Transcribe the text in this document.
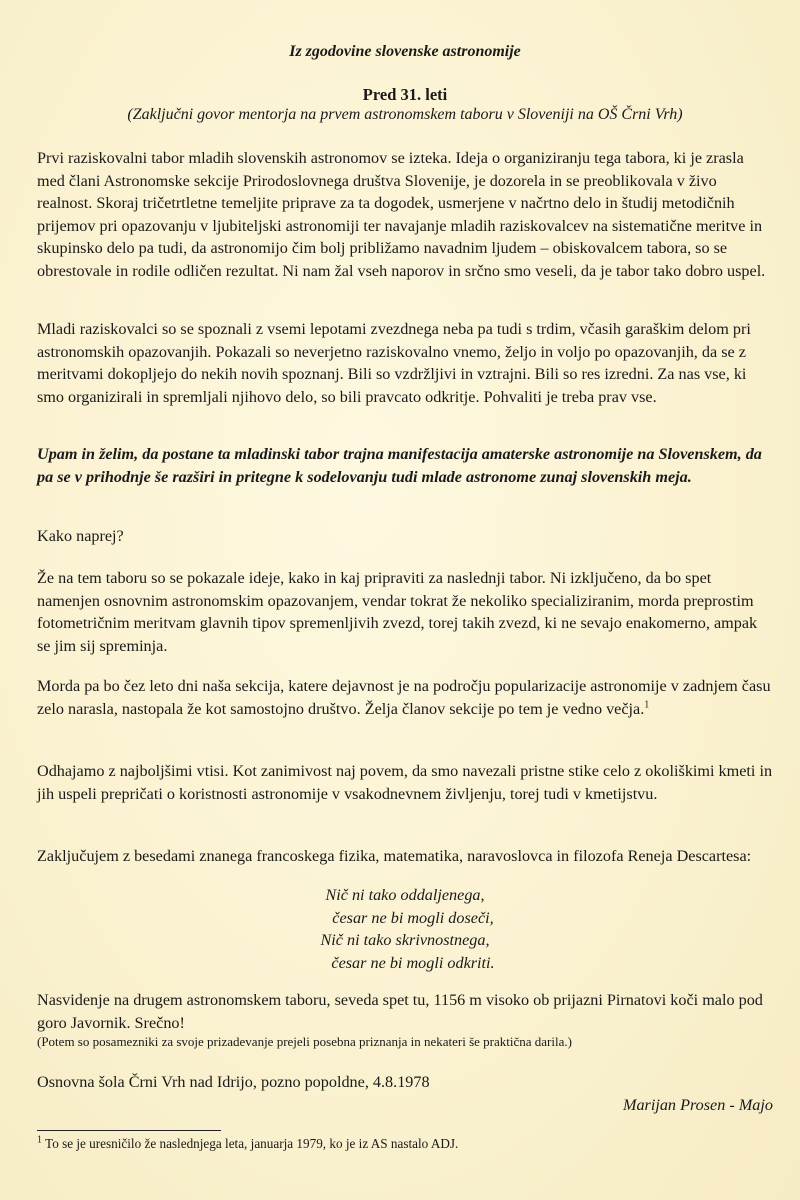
Iz zgodovine slovenske astronomije
Pred 31. leti
(Zaključni govor mentorja na prvem astronomskem taboru v Sloveniji na OŠ Črni Vrh)

Prvi raziskovalni tabor mladih slovenskih astronomov se izteka. Ideja o organiziranju tega tabora, ki je zrasla med člani Astronomske sekcije Prirodoslovnega društva Slovenije, je dozorela in se preoblikovala v živo realnost. Skoraj tričetrtletne temeljite priprave za ta dogodek, usmerjene v načrtno delo in študij metodičnih prijemov pri opazovanju v ljubiteljski astronomiji ter navajanje mladih raziskovalcev na sistematične meritve in skupinsko delo pa tudi, da astronomijo čim bolj približamo navadnim ljudem – obiskovalcem tabora, so se obrestovale in rodile odličen rezultat. Ni nam žal vseh naporov in srčno smo veseli, da je tabor tako dobro uspel.

Mladi raziskovalci so se spoznali z vsemi lepotami zvezdnega neba pa tudi s trdim, včasih garaškim delom pri astronomskih opazovanjih. Pokazali so neverjetno raziskovalno vnemo, željo in voljo po opazovanjih, da se z meritvami dokopljejo do nekih novih spoznanj. Bili so vzdržljivi in vztrajni. Bili so res izredni. Za nas vse, ki smo organizirali in spremljali njihovo delo, so bili pravcato odkritje. Pohvaliti je treba prav vse.

Upam in želim, da postane ta mladinski tabor trajna manifestacija amaterske astronomije na Slovenskem, da pa se v prihodnje še razširi in pritegne k sodelovanju tudi mlade astronome zunaj slovenskih meja.

Kako naprej?

Že na tem taboru so se pokazale ideje, kako in kaj pripraviti za naslednji tabor. Ni izključeno, da bo spet namenjen osnovnim astronomskim opazovanjem, vendar tokrat že nekoliko specializiranim, morda preprostim fotometričnim meritvam glavnih tipov spremenljivih zvezd, torej takih zvezd, ki ne sevajo enakomerno, ampak se jim sij spreminja.

Morda pa bo čez leto dni naša sekcija, katere dejavnost je na področju popularizacije astronomije v zadnjem času zelo narasla, nastopala že kot samostojno društvo. Želja članov sekcije po tem je vedno večja.$^1$

Odhajamo z najboljšimi vtisi. Kot zanimivost naj povem, da smo navezali pristne stike celo z okoliškimi kmeti in jih uspeli prepričati o koristnosti astronomije v vsakodnevnem življenju, torej tudi v kmetijstvu.

Zaključujem z besedami znanega francoskega fizika, matematika, naravoslovca in filozofa Reneja Descartesa:

Nič ni tako oddaljenega,
česar ne bi mogli doseči,
Nič ni tako skrivnostnega,
česar ne bi mogli odkriti.

Nasvidenje na drugem astronomskem taboru, seveda spet tu, 1156 m visoko ob prijazni Pirnatovi koči malo pod goro Javornik. Srečno!

(Potem so posamezniki za svoje prizadevanje prejeli posebna priznanja in nekateri še praktična darila.)

Osnovna šola Črni Vrh nad Idrijo, pozno popoldne, 4.8.1978

Marijan Prosen - Majo
$^1$ To se je uresničilo že naslednjega leta, januarja 1979, ko je iz AS nastalo ADJ.
